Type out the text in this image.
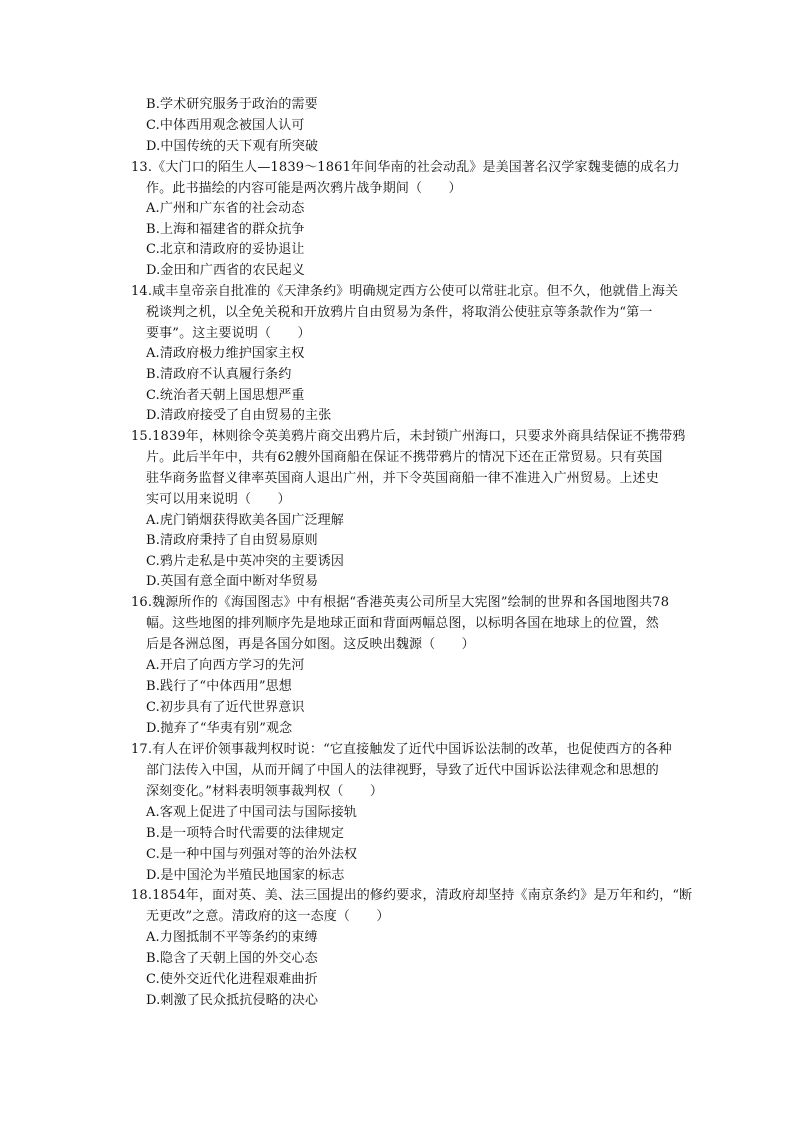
B.学术研究服务于政治的需要
C.中体西用观念被国人认可
D.中国传统的天下观有所突破
13.《大门口的陌生人—1839～1861年间华南的社会动乱》是美国著名汉学家魏斐德的成名力
作。此书描绘的内容可能是两次鸦片战争期间（　　）
A.广州和广东省的社会动态
B.上海和福建省的群众抗争
C.北京和清政府的妥协退让
D.金田和广西省的农民起义
14.咸丰皇帝亲自批准的《天津条约》明确规定西方公使可以常驻北京。但不久，他就借上海关
税谈判之机，以全免关税和开放鸦片自由贸易为条件，将取消公使驻京等条款作为“第一
要事”。这主要说明（　　）
A.清政府极力维护国家主权
B.清政府不认真履行条约
C.统治者天朝上国思想严重
D.清政府接受了自由贸易的主张
15.1839年，林则徐令英美鸦片商交出鸦片后，未封锁广州海口，只要求外商具结保证不携带鸦
片。此后半年中，共有62艘外国商船在保证不携带鸦片的情况下还在正常贸易。只有英国
驻华商务监督义律率英国商人退出广州，并下令英国商船一律不准进入广州贸易。上述史
实可以用来说明（　　）
A.虎门销烟获得欧美各国广泛理解
B.清政府秉持了自由贸易原则
C.鸦片走私是中英冲突的主要诱因
D.英国有意全面中断对华贸易
16.魏源所作的《海国图志》中有根据“香港英夷公司所呈大宪图”绘制的世界和各国地图共78
幅。这些地图的排列顺序先是地球正面和背面两幅总图，以标明各国在地球上的位置，然
后是各洲总图，再是各国分如图。这反映出魏源（　　）
A.开启了向西方学习的先河
B.践行了“中体西用”思想
C.初步具有了近代世界意识
D.抛弃了“华夷有别”观念
17.有人在评价领事裁判权时说：“它直接触发了近代中国诉讼法制的改革，也促使西方的各种
部门法传入中国，从而开阔了中国人的法律视野，导致了近代中国诉讼法律观念和思想的
深刻变化。”材料表明领事裁判权（　　）
A.客观上促进了中国司法与国际接轨
B.是一项特合时代需要的法律规定
C.是一种中国与列强对等的治外法权
D.是中国沦为半殖民地国家的标志
18.1854年，面对英、美、法三国提出的修约要求，清政府却坚持《南京条约》是万年和约，“断
无更改”之意。清政府的这一态度（　　）
A.力图抵制不平等条约的束缚
B.隐含了天朝上国的外交心态
C.使外交近代化进程艰难曲折
D.刺激了民众抵抗侵略的决心
